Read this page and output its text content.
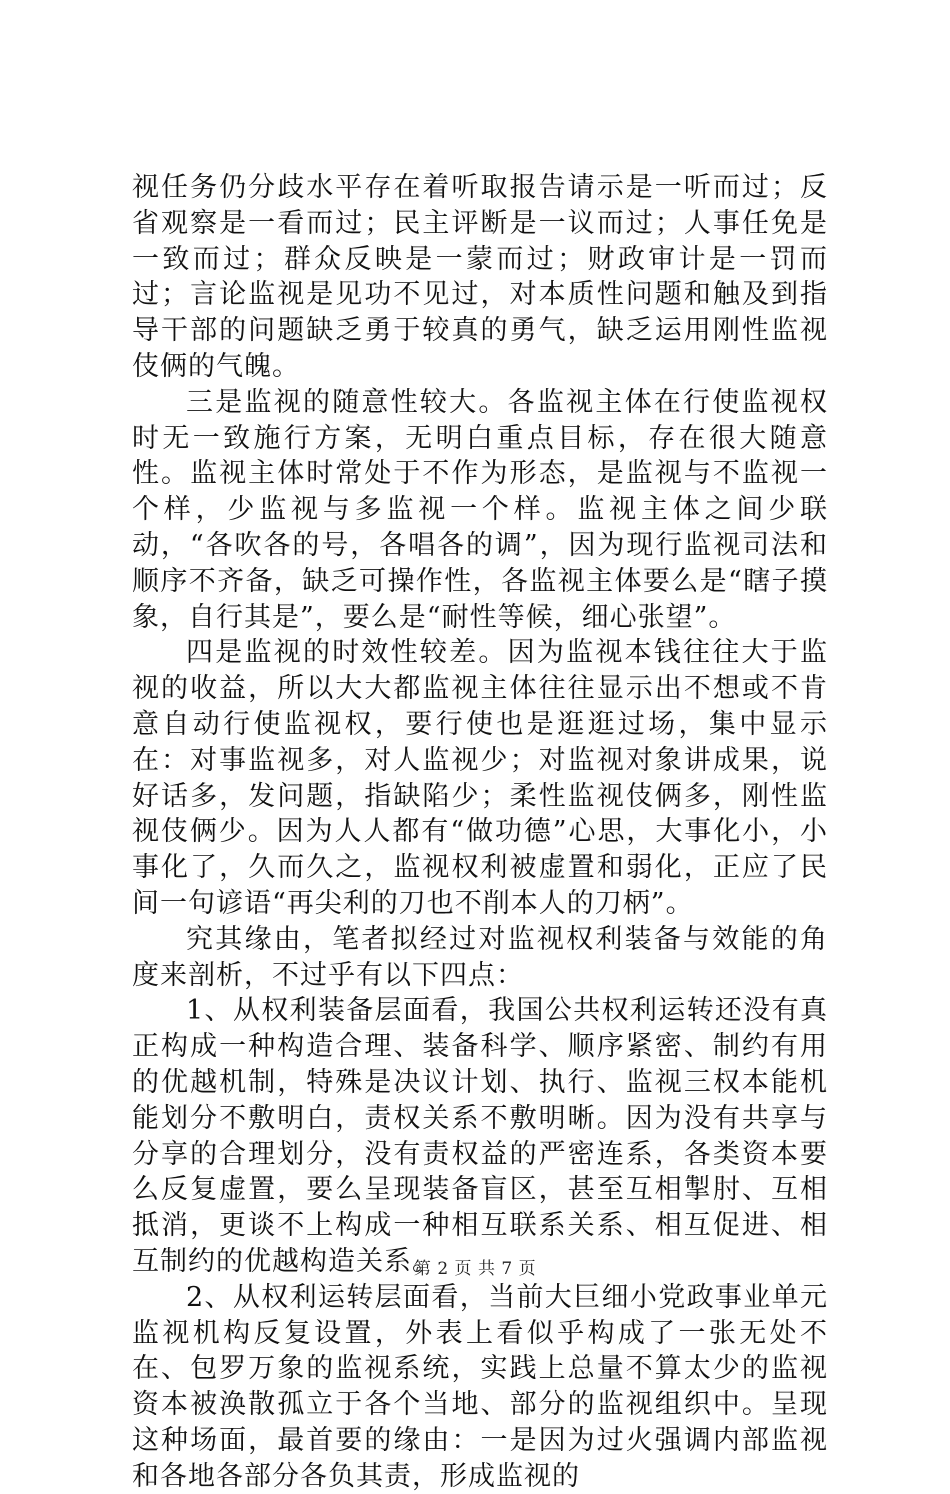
视任务仍分歧水平存在着听取报告请示是一听而过；反省观察是一看而过；民主评断是一议而过；人事任免是一致而过；群众反映是一蒙而过；财政审计是一罚而过；言论监视是见功不见过，对本质性问题和触及到指导干部的问题缺乏勇于较真的勇气，缺乏运用刚性监视伎俩的气魄。

三是监视的随意性较大。各监视主体在行使监视权时无一致施行方案，无明白重点目标，存在很大随意性。监视主体时常处于不作为形态，是监视与不监视一个样，少监视与多监视一个样。监视主体之间少联动，“各吹各的号，各唱各的调”，因为现行监视司法和顺序不齐备，缺乏可操作性，各监视主体要么是“瞎子摸象，自行其是”，要么是“耐性等候，细心张望”。

四是监视的时效性较差。因为监视本钱往往大于监视的收益，所以大大都监视主体往往显示出不想或不肯意自动行使监视权，要行使也是逛逛过场，集中显示在：对事监视多，对人监视少；对监视对象讲成果，说好话多，发问题，指缺陷少；柔性监视伎俩多，刚性监视伎俩少。因为人人都有“做功德”心思，大事化小，小事化了，久而久之，监视权利被虚置和弱化，正应了民间一句谚语“再尖利的刀也不削本人的刀柄”。

究其缘由，笔者拟经过对监视权利装备与效能的角度来剖析，不过乎有以下四点：

1、从权利装备层面看，我国公共权利运转还没有真正构成一种构造合理、装备科学、顺序紧密、制约有用的优越机制，特殊是决议计划、执行、监视三权本能机能划分不敷明白，责权关系不敷明晰。因为没有共享与分享的合理划分，没有责权益的严密连系，各类资本要么反复虚置，要么呈现装备盲区，甚至互相掣肘、互相抵消，更谈不上构成一种相互联系关系、相互促进、相互制约的优越构造关系。

2、从权利运转层面看，当前大巨细小党政事业单元监视机构反复设置，外表上看似乎构成了一张无处不在、包罗万象的监视系统，实践上总量不算太少的监视资本被涣散孤立于各个当地、部分的监视组织中。呈现这种场面，最首要的缘由：一是因为过火强调内部监视和各地各部分各负其责，形成监视的

第 2 页 共 7 页
